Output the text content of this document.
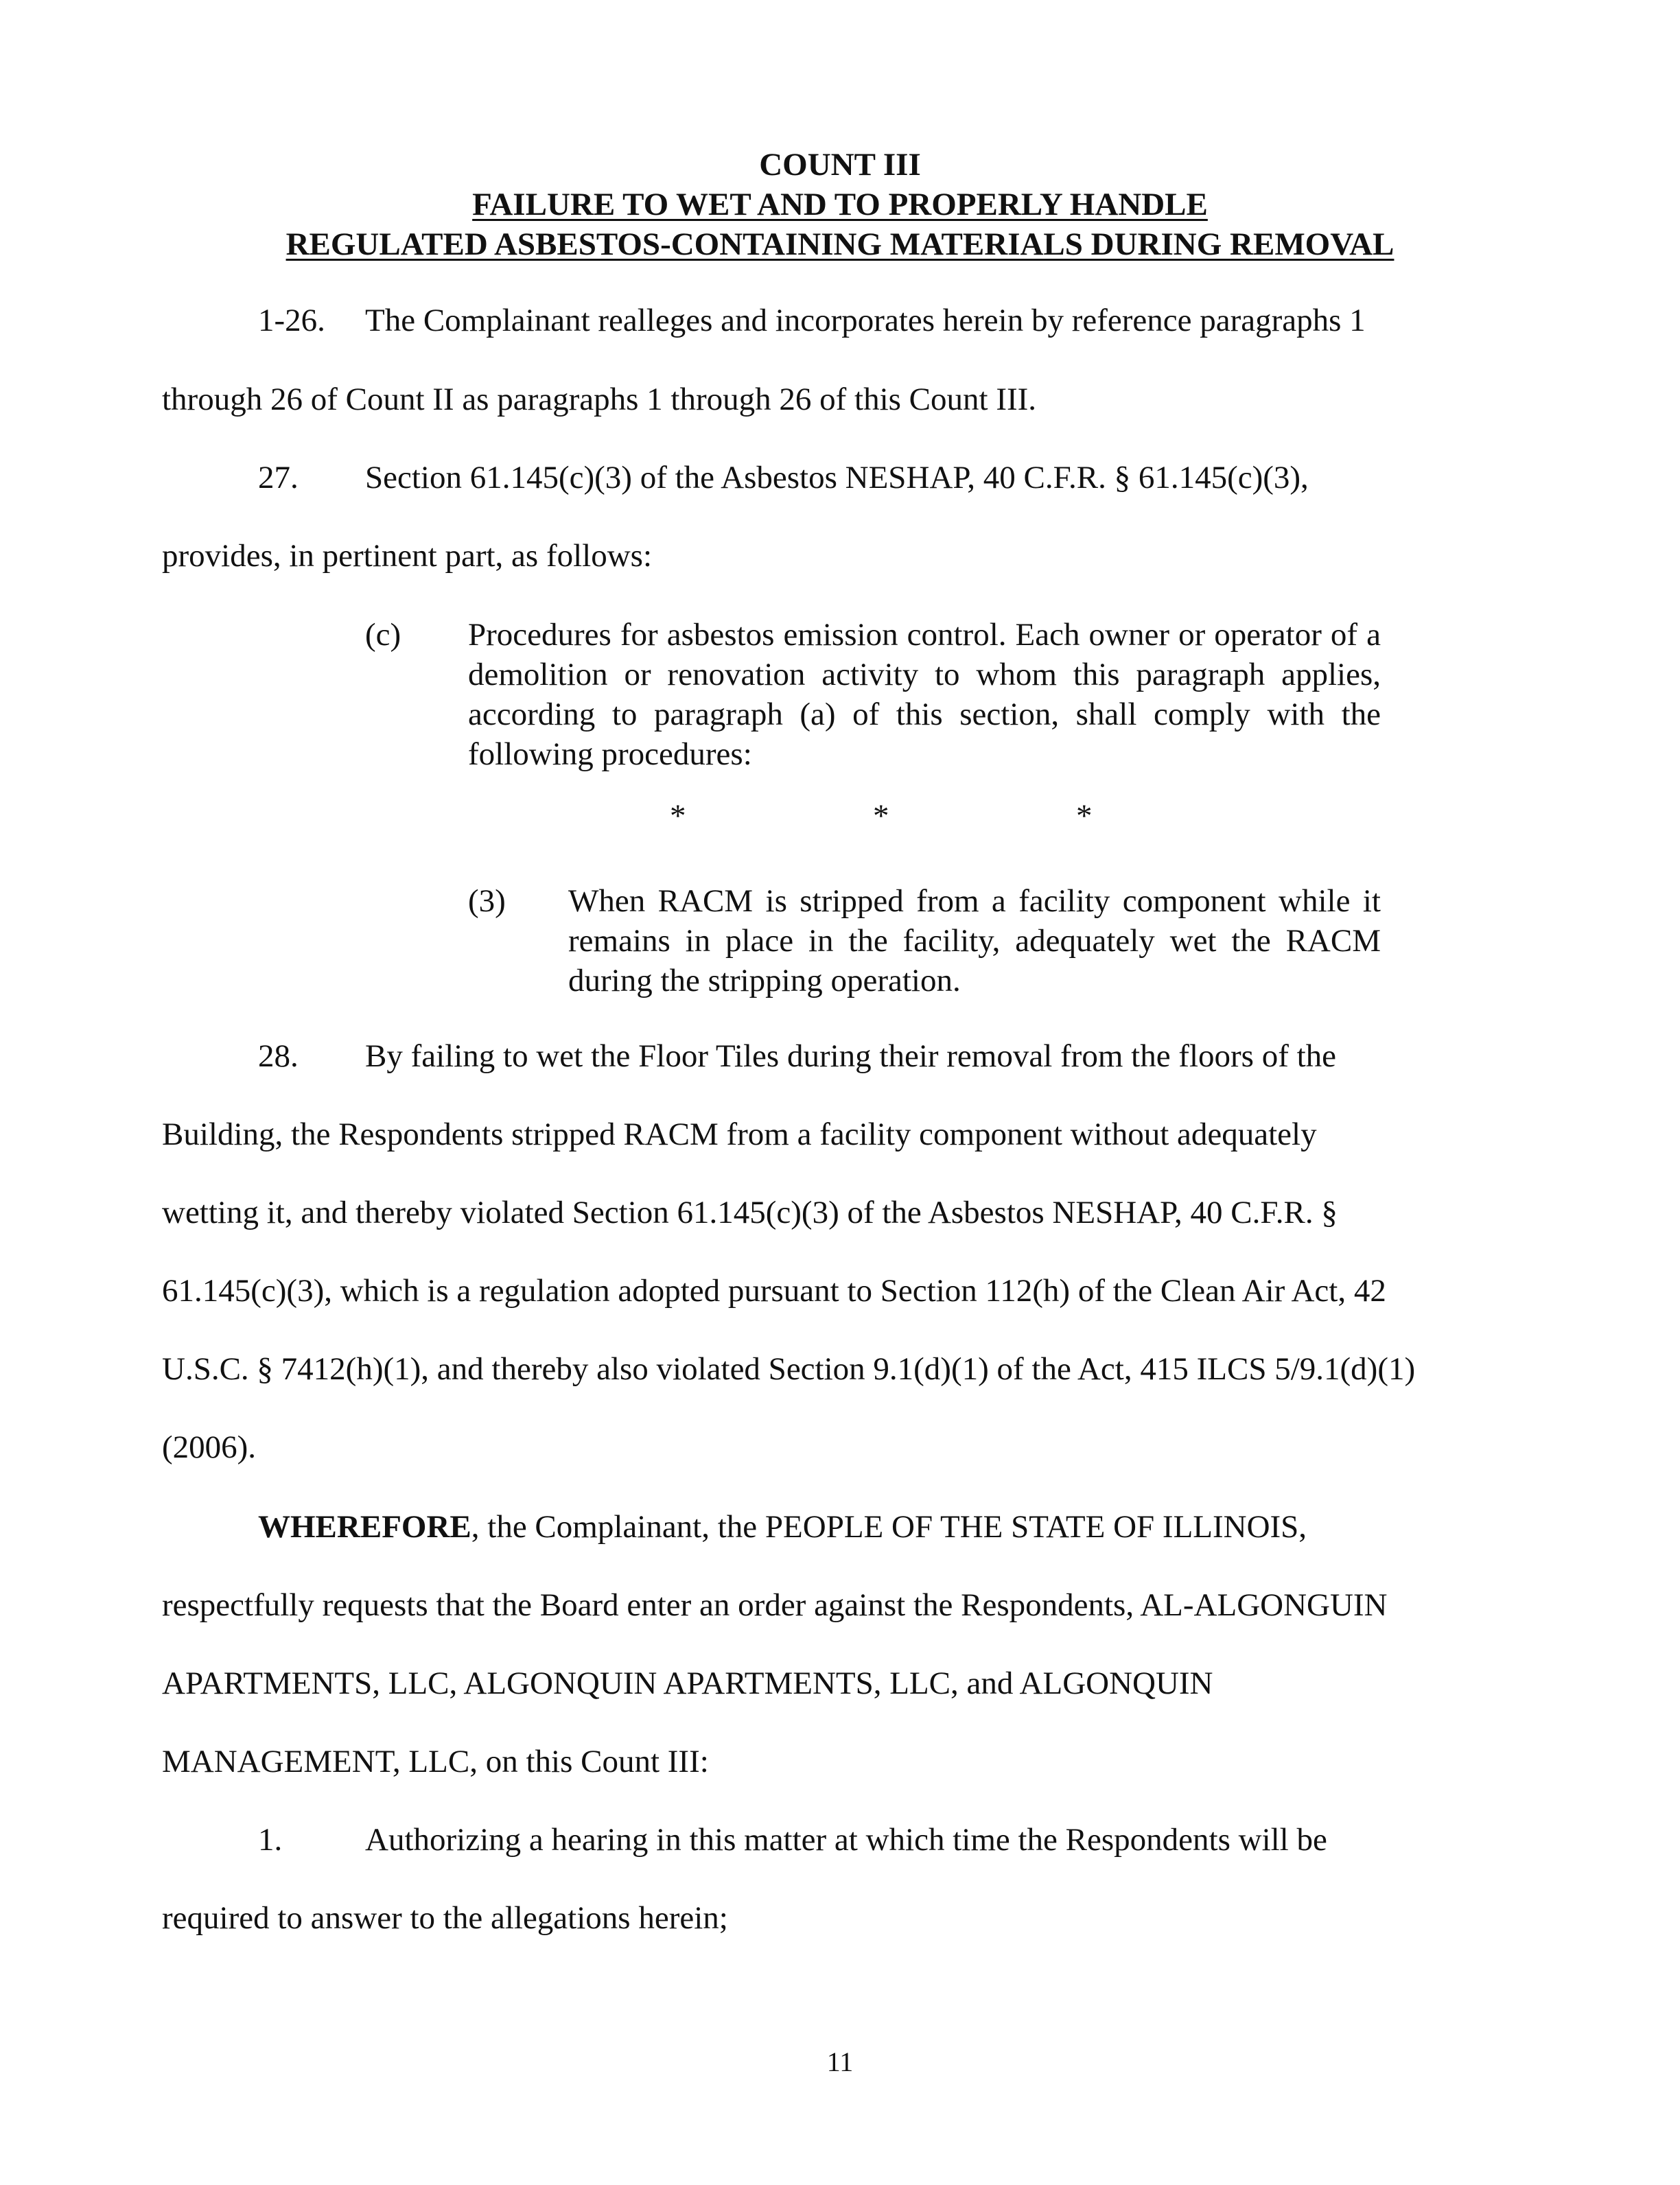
COUNT III
FAILURE TO WET AND TO PROPERLY HANDLE
REGULATED ASBESTOS-CONTAINING MATERIALS DURING REMOVAL
1-26. The Complainant realleges and incorporates herein by reference paragraphs 1
through 26 of Count II as paragraphs 1 through 26 of this Count III.
27. Section 61.145(c)(3) of the Asbestos NESHAP, 40 C.F.R. § 61.145(c)(3),
provides, in pertinent part, as follows:
(c) Procedures for asbestos emission control. Each owner or operator of a demolition or renovation activity to whom this paragraph applies, according to paragraph (a) of this section, shall comply with the following procedures:
*	*	*
(3) When RACM is stripped from a facility component while it remains in place in the facility, adequately wet the RACM during the stripping operation.
28. By failing to wet the Floor Tiles during their removal from the floors of the
Building, the Respondents stripped RACM from a facility component without adequately
wetting it, and thereby violated Section 61.145(c)(3) of the Asbestos NESHAP, 40 C.F.R. §
61.145(c)(3), which is a regulation adopted pursuant to Section 112(h) of the Clean Air Act, 42
U.S.C. § 7412(h)(1), and thereby also violated Section 9.1(d)(1) of the Act, 415 ILCS 5/9.1(d)(1)
(2006).
WHEREFORE, the Complainant, the PEOPLE OF THE STATE OF ILLINOIS,
respectfully requests that the Board enter an order against the Respondents, AL-ALGONGUIN
APARTMENTS, LLC, ALGONQUIN APARTMENTS, LLC, and ALGONQUIN
MANAGEMENT, LLC, on this Count III:
1.	Authorizing a hearing in this matter at which time the Respondents will be
required to answer to the allegations herein;
11
